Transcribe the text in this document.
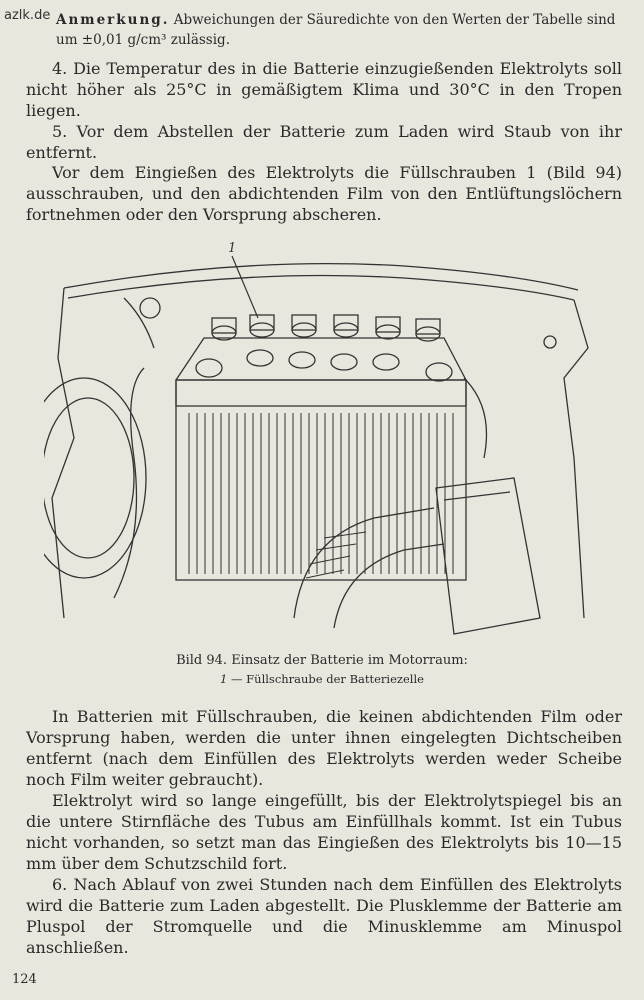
azlk.de Anmerkung. Abweichungen der Säuredichte von den Werten der Tabelle sind um ±0,01 g/cm³ zulässig.

4. Die Temperatur des in die Batterie einzugießenden Elektrolyts soll nicht höher als 25°C in gemäßigtem Klima und 30°C in den Tropen liegen.

5. Vor dem Abstellen der Batterie zum Laden wird Staub von ihr entfernt.

Vor dem Eingießen des Elektrolyts die Füllschrauben 1 (Bild 94) ausschrauben, und den abdichtenden Film von den Entlüftungslöchern fortnehmen oder den Vorsprung abscheren.

1
Bild 94. Einsatz der Batterie im Motorraum:
1 — Füllschraube der Batteriezelle

In Batterien mit Füllschrauben, die keinen abdichtenden Film oder Vorsprung haben, werden die unter ihnen eingelegten Dichtscheiben entfernt (nach dem Einfüllen des Elektrolyts werden weder Scheibe noch Film weiter gebraucht).

Elektrolyt wird so lange eingefüllt, bis der Elektrolytspiegel bis an die untere Stirnfläche des Tubus am Einfüllhals kommt. Ist ein Tubus nicht vorhanden, so setzt man das Eingießen des Elektrolyts bis 10—15 mm über dem Schutzschild fort.

6. Nach Ablauf von zwei Stunden nach dem Einfüllen des Elektrolyts wird die Batterie zum Laden abgestellt. Die Plusklemme der Batterie am Pluspol der Stromquelle und die Minusklemme am Minuspol anschließen.

124
